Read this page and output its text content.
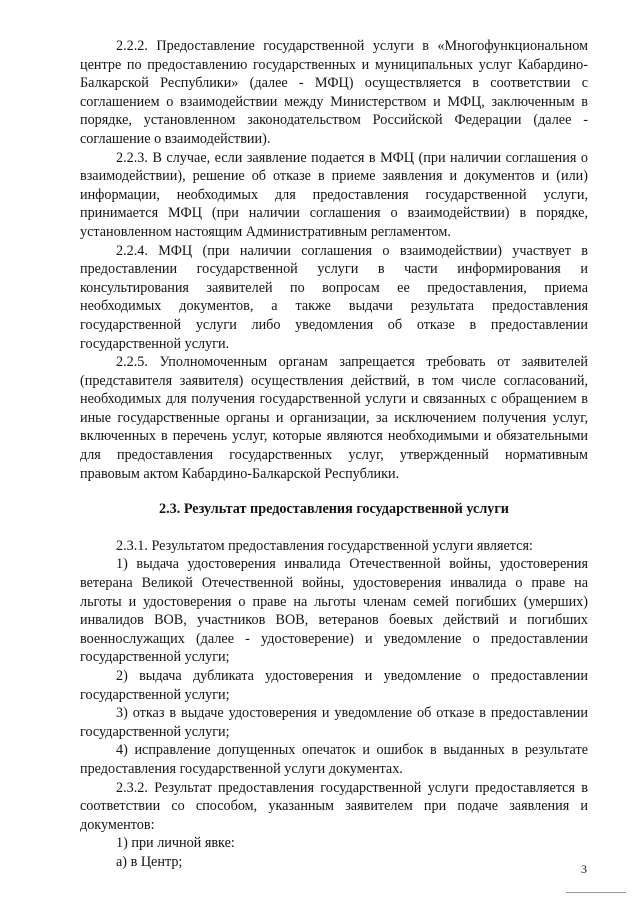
2.2.2. Предоставление государственной услуги в «Многофункциональном центре по предоставлению государственных и муниципальных услуг Кабардино-Балкарской Республики» (далее - МФЦ) осуществляется в соответствии с соглашением о взаимодействии между Министерством и МФЦ, заключенным в порядке, установленном законодательством Российской Федерации (далее - соглашение о взаимодействии).

2.2.3. В случае, если заявление подается в МФЦ (при наличии соглашения о взаимодействии), решение об отказе в приеме заявления и документов и (или) информации, необходимых для предоставления государственной услуги, принимается МФЦ (при наличии соглашения о взаимодействии) в порядке, установленном настоящим Административным регламентом.

2.2.4. МФЦ (при наличии соглашения о взаимодействии) участвует в предоставлении государственной услуги в части информирования и консультирования заявителей по вопросам ее предоставления, приема необходимых документов, а также выдачи результата предоставления государственной услуги либо уведомления об отказе в предоставлении государственной услуги.

2.2.5. Уполномоченным органам запрещается требовать от заявителей (представителя заявителя) осуществления действий, в том числе согласований, необходимых для получения государственной услуги и связанных с обращением в иные государственные органы и организации, за исключением получения услуг, включенных в перечень услуг, которые являются необходимыми и обязательными для предоставления государственных услуг, утвержденный нормативным правовым актом Кабардино-Балкарской Республики.

2.3. Результат предоставления государственной услуги

2.3.1. Результатом предоставления государственной услуги является:

1) выдача удостоверения инвалида Отечественной войны, удостоверения ветерана Великой Отечественной войны, удостоверения инвалида о праве на льготы и удостоверения о праве на льготы членам семей погибших (умерших) инвалидов ВОВ, участников ВОВ, ветеранов боевых действий и погибших военнослужащих (далее - удостоверение) и уведомление о предоставлении государственной услуги;

2) выдача дубликата удостоверения и уведомление о предоставлении государственной услуги;

3) отказ в выдаче удостоверения и уведомление об отказе в предоставлении государственной услуги;

4) исправление допущенных опечаток и ошибок в выданных в результате предоставления государственной услуги документах.

2.3.2. Результат предоставления государственной услуги предоставляется в соответствии со способом, указанным заявителем при подаче заявления и документов:

1) при личной явке:

а) в Центр;	3
